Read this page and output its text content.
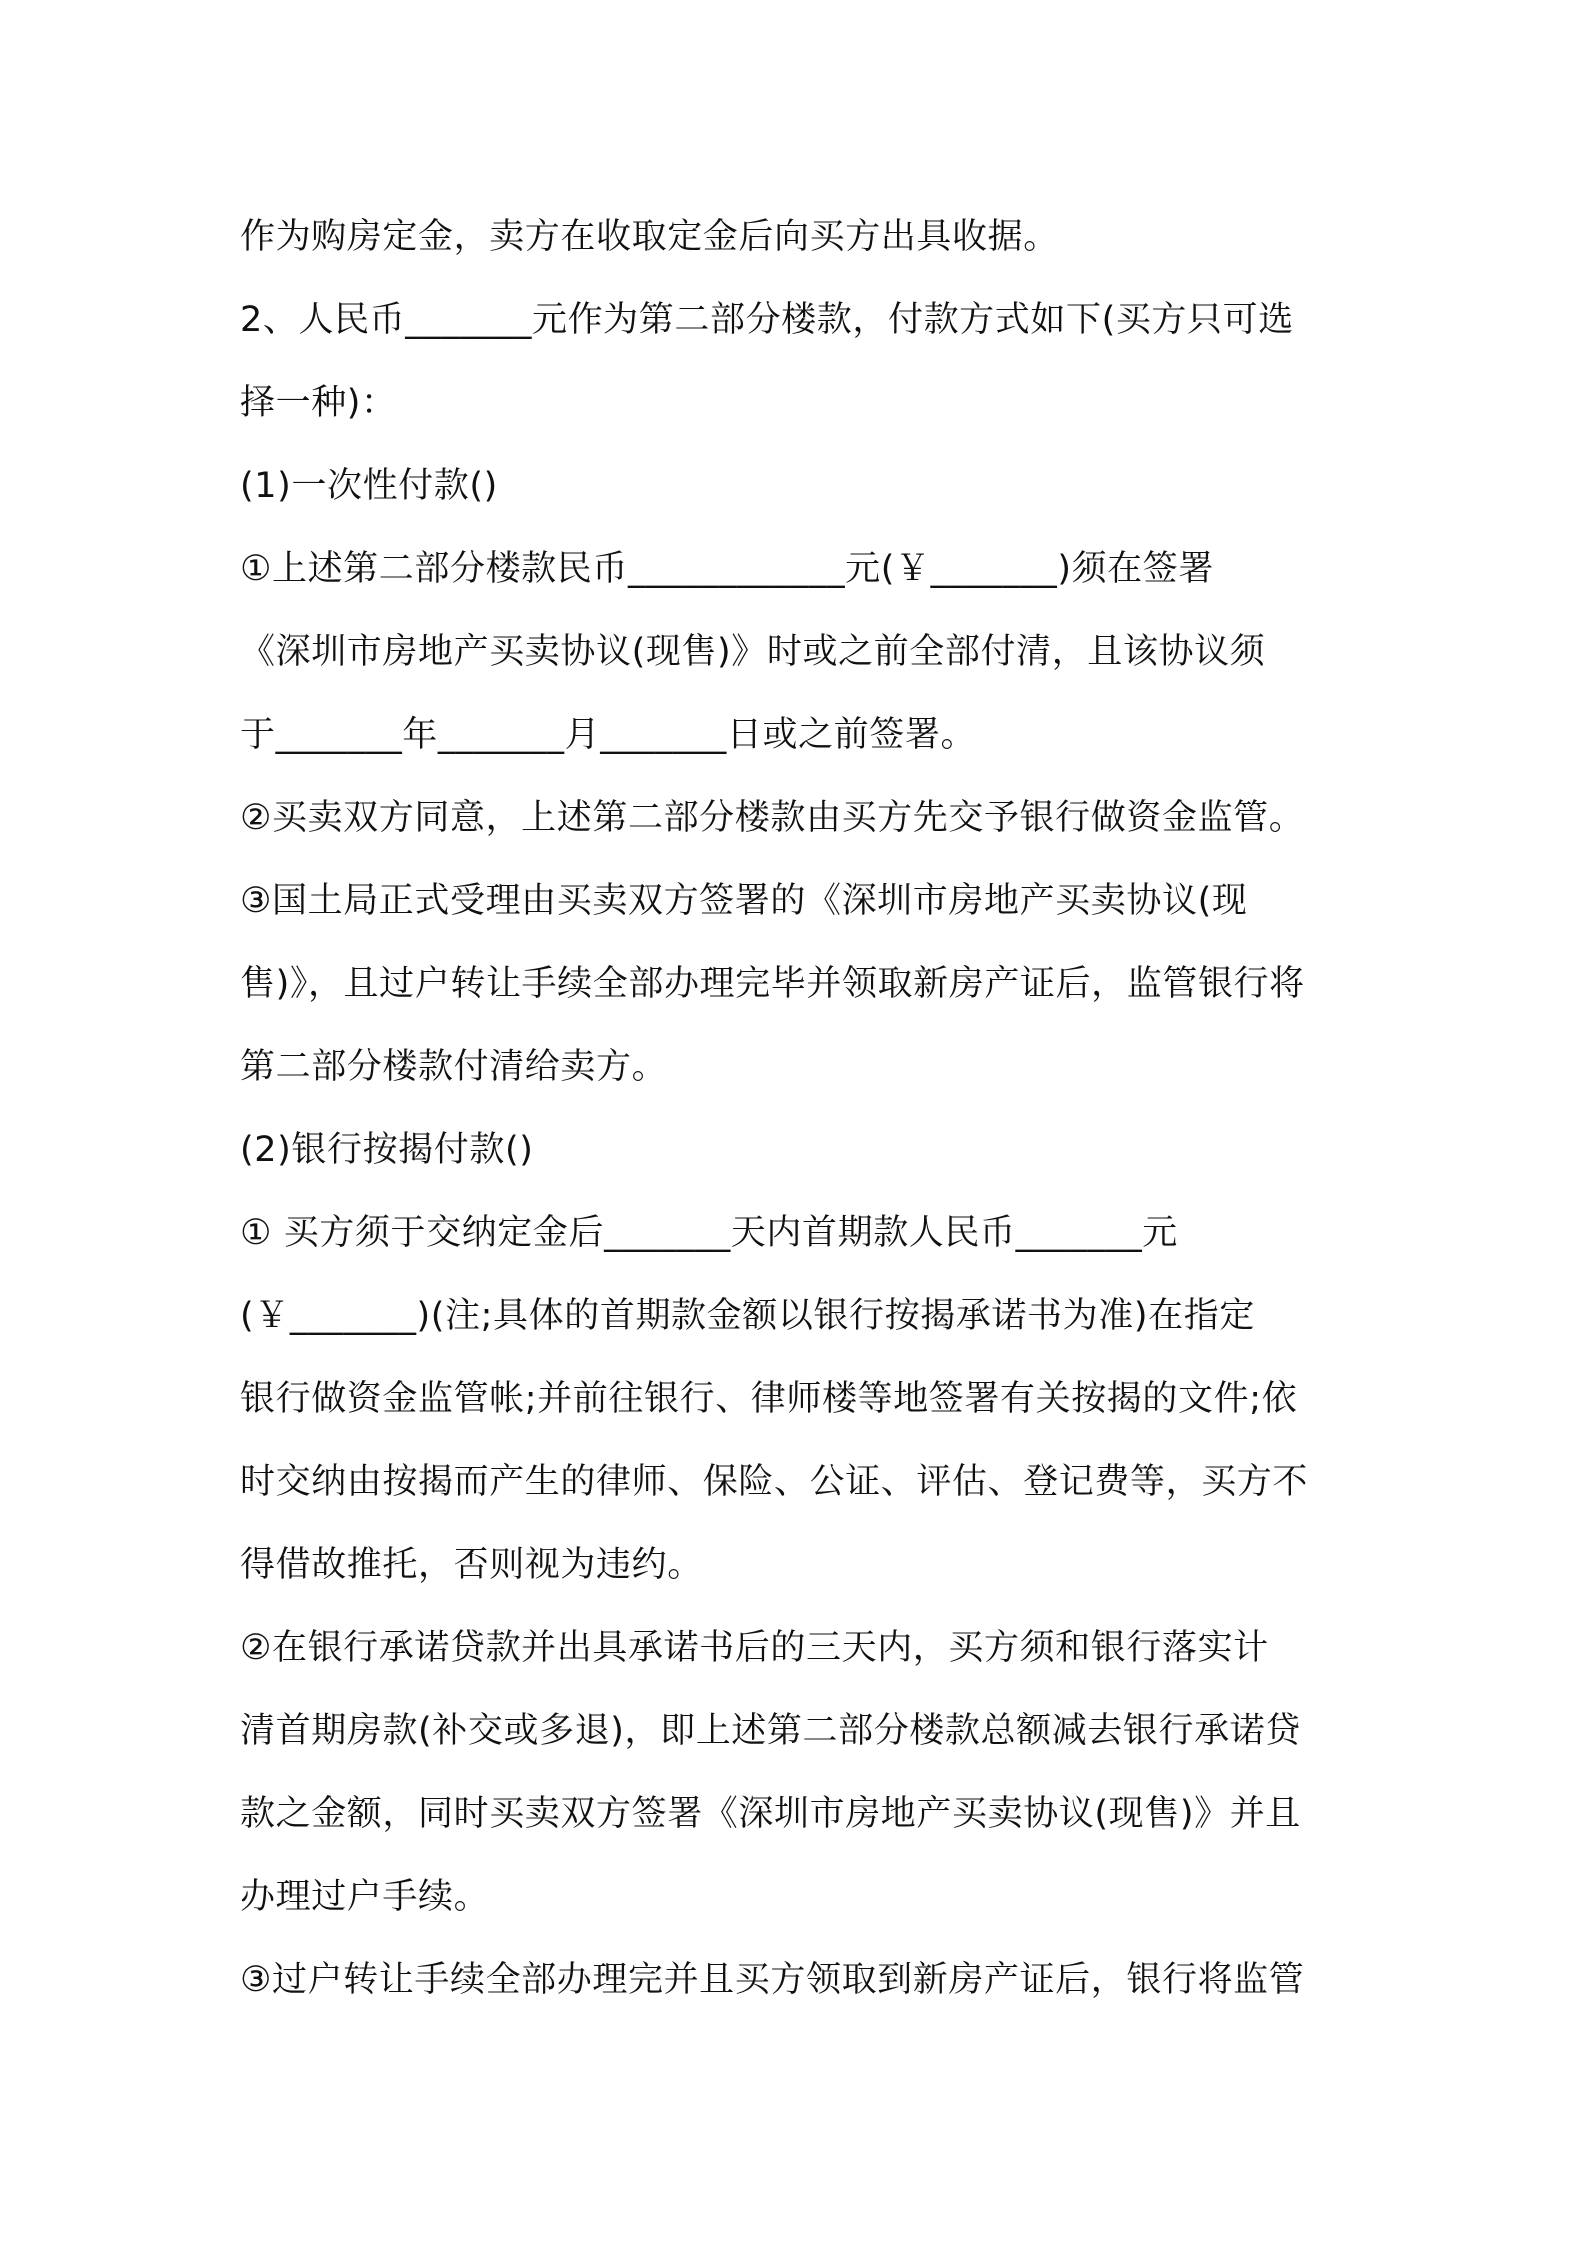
作为购房定金，卖方在收取定金后向买方出具收据。
2、人民币_______元作为第二部分楼款，付款方式如下(买方只可选
择一种)：
(1)一次性付款()
①上述第二部分楼款民币____________元(￥_______)须在签署
《深圳市房地产买卖协议(现售)》时或之前全部付清，且该协议须
于_______年_______月_______日或之前签署。
②买卖双方同意，上述第二部分楼款由买方先交予银行做资金监管。
③国土局正式受理由买卖双方签署的《深圳市房地产买卖协议(现
售)》，且过户转让手续全部办理完毕并领取新房产证后，监管银行将
第二部分楼款付清给卖方。
(2)银行按揭付款()
① 买方须于交纳定金后_______天内首期款人民币_______元
(￥_______)(注;具体的首期款金额以银行按揭承诺书为准)在指定
银行做资金监管帐;并前往银行、律师楼等地签署有关按揭的文件;依
时交纳由按揭而产生的律师、保险、公证、评估、登记费等，买方不
得借故推托，否则视为违约。
②在银行承诺贷款并出具承诺书后的三天内，买方须和银行落实计
清首期房款(补交或多退)，即上述第二部分楼款总额减去银行承诺贷
款之金额，同时买卖双方签署《深圳市房地产买卖协议(现售)》并且
办理过户手续。
③过户转让手续全部办理完并且买方领取到新房产证后，银行将监管
